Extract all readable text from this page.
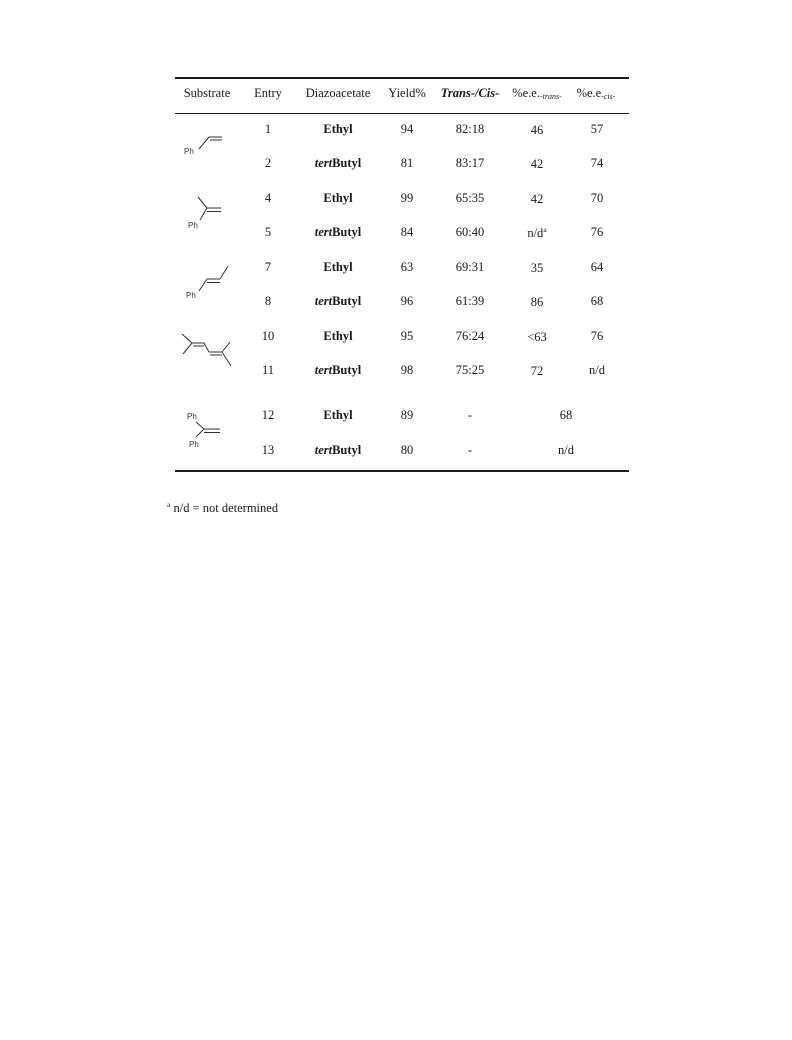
Substrate Entry Diazoacetate Yield% Trans-/Cis- $\%e.e._{-trans-}$ $\%e.e_{-cis-}$
1	Ethyl	94	82:18	46	57
2	tertButyl	81	83:17	42	74
4	Ethyl	99	65:35	42	70
5	tertButyl	84	60:40	$n/d^a$	76
7	Ethyl	63	69:31	35	64
8	tertButyl	96	61:39	86	68
10	Ethyl	95	76:24	<63	76
11	tertButyl	98	75:25	72	n/d
12	Ethyl	89	-	68
13	tertButyl	80	-	n/d
Ph
Ph
Ph
Ph
Ph
$^a$ n/d = not determined
